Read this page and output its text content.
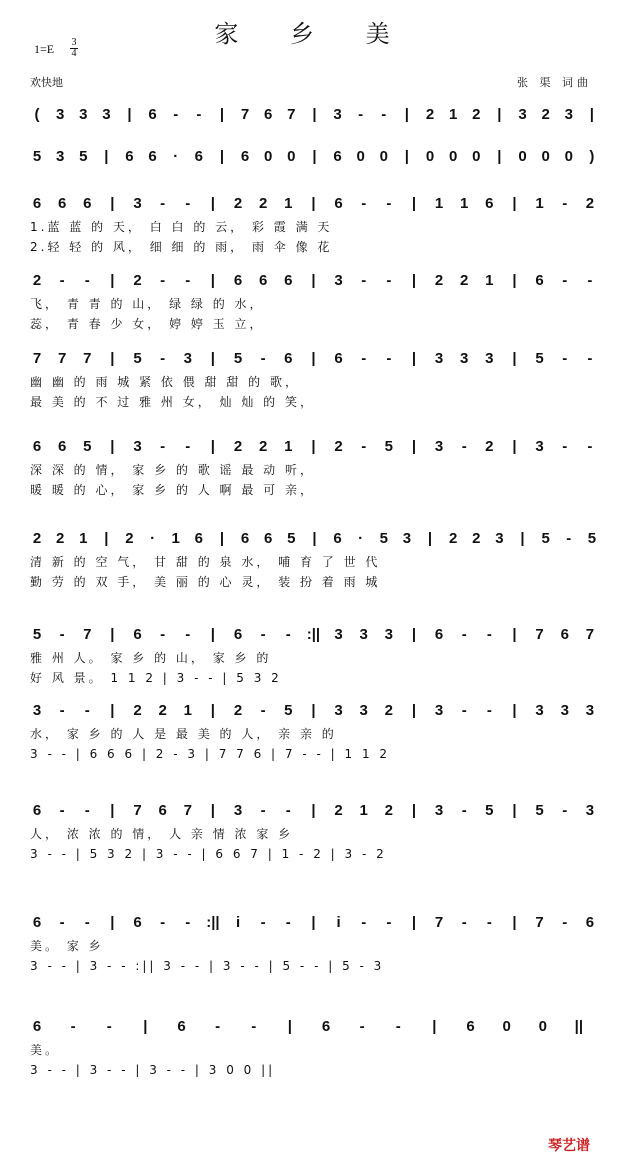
家 乡 美
1=E 3
4
欢快地	张 渠 词曲
(	3 3 3	|	6	-	-	|	7 6 7	|	3	-	-	|	2 1 2	|	3 2 3	|
5 3 5	|	6 6	·	6	|	6 0 0	|	6 0 0	|	0 0 0	|	0 0 0	)
6 6 6	|	3	-	-	|	2 2 1	|	6	-	-	|	1 1 6	|	1	-	2
1.蓝 蓝 的 天， 白 白 的 云， 彩 霞 满 天
2.轻 轻 的 风， 细 细 的 雨， 雨 伞 像 花
2	-	-	|	2	-	-	|	6 6 6	|	3	-	-	|	2 2 1	|	6	-	-
飞， 青 青 的 山， 绿 绿 的 水，
蕊， 青 春 少 女， 婷 婷 玉 立，
7 7 7	|	5	-	3	|	5	-	6	|	6	-	-	|	3 3 3	|	5	-	-
幽 幽 的 雨 城 紧 依 偎 甜 甜 的 歌，
最 美 的 不 过 雅 州 女， 灿 灿 的 笑，
6 6 5	|	3	-	-	|	2 2 1	|	2	-	5	|	3	-	2	|	3	-	-
深 深 的 情， 家 乡 的 歌 谣 最 动 听，
暖 暖 的 心， 家 乡 的 人 啊 最 可 亲，
2 2 1	|	2	·	1 6	|	6 6 5	|	6	·	5 3	|	2 2 3	|	5	-	5
清 新 的 空 气， 甘 甜 的 泉 水， 哺 育 了 世 代
勤 劳 的 双 手， 美 丽 的 心 灵， 装 扮 着 雨 城
5	-	7	|	6	-	-	|	6	-	-	:|| 3 3 3	|	6	-	-	|	7 6 7
雅 州 人。 家 乡 的 山， 家 乡 的
好 风 景。 1 1 2 | 3 - - | 5 3 2
3	-	-	|	2 2 1	|	2	-	5	|	3 3 2	|	3	-	-	|	3 3 3
水， 家 乡 的 人 是 最 美 的 人， 亲 亲 的
3 - - | 6 6 6 | 2 - 3 | 7 7 6 | 7 - - | 1 1 2
6	-	-	|	7 6 7	|	3	-	-	|	2 1 2	|	3	-	5	|	5	-	3
人， 浓 浓 的 情， 人 亲 情 浓 家 乡
3 - - | 5 3 2 | 3 - - | 6 6 7 | 1 - 2 | 3 - 2
6	-	-	|	6	-	-	:||	i	-	-	|	i	-	-	|	7	-	-	|	7	-	6
美。 家 乡
3 - - | 3 - - :|| 3 - - | 3 - - | 5 - - | 5 - 3
6	-	-	|	6	-	-	|	6	-	-	|	6 0 0 ||
美。
3 - - | 3 - - | 3 - - | 3 0 0 ||
琴艺谱
